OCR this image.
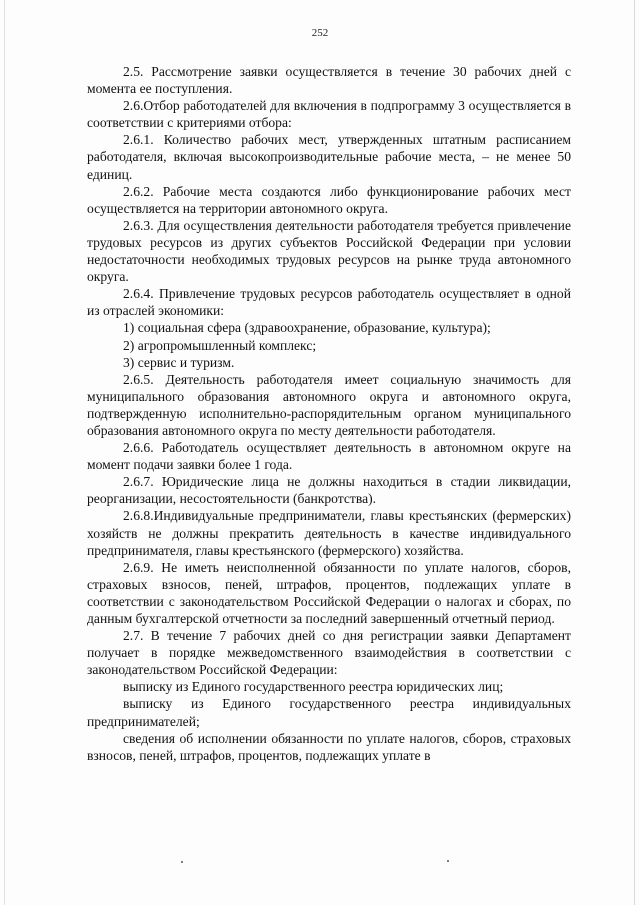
252

2.5. Рассмотрение заявки осуществляется в течение 30 рабочих дней с момента ее поступления.

2.6.Отбор работодателей для включения в подпрограмму 3 осуществляется в соответствии с критериями отбора:

2.6.1. Количество рабочих мест, утвержденных штатным расписанием работодателя, включая высокопроизводительные рабочие места, – не менее 50 единиц.

2.6.2. Рабочие места создаются либо функционирование рабочих мест осуществляется на территории автономного округа.

2.6.3. Для осуществления деятельности работодателя требуется привлечение трудовых ресурсов из других субъектов Российской Федерации при условии недостаточности необходимых трудовых ресурсов на рынке труда автономного округа.

2.6.4. Привлечение трудовых ресурсов работодатель осуществляет в одной из отраслей экономики:

1) социальная сфера (здравоохранение, образование, культура);

2) агропромышленный комплекс;

3) сервис и туризм.

2.6.5. Деятельность работодателя имеет социальную значимость для муниципального образования автономного округа и автономного округа, подтвержденную исполнительно-распорядительным органом муниципального образования автономного округа по месту деятельности работодателя.

2.6.6. Работодатель осуществляет деятельность в автономном округе на момент подачи заявки более 1 года.

2.6.7. Юридические лица не должны находиться в стадии ликвидации, реорганизации, несостоятельности (банкротства).

2.6.8.Индивидуальные предприниматели, главы крестьянских (фермерских) хозяйств не должны прекратить деятельность в качестве индивидуального предпринимателя, главы крестьянского (фермерского) хозяйства.

2.6.9. Не иметь неисполненной обязанности по уплате налогов, сборов, страховых взносов, пеней, штрафов, процентов, подлежащих уплате в соответствии с законодательством Российской Федерации о налогах и сборах, по данным бухгалтерской отчетности за последний завершенный отчетный период.

2.7. В течение 7 рабочих дней со дня регистрации заявки Департамент получает в порядке межведомственного взаимодействия в соответствии с законодательством Российской Федерации:

выписку из Единого государственного реестра юридических лиц;

выписку из Единого государственного реестра индивидуальных предпринимателей;

сведения об исполнении обязанности по уплате налогов, сборов, страховых взносов, пеней, штрафов, процентов, подлежащих уплате в
